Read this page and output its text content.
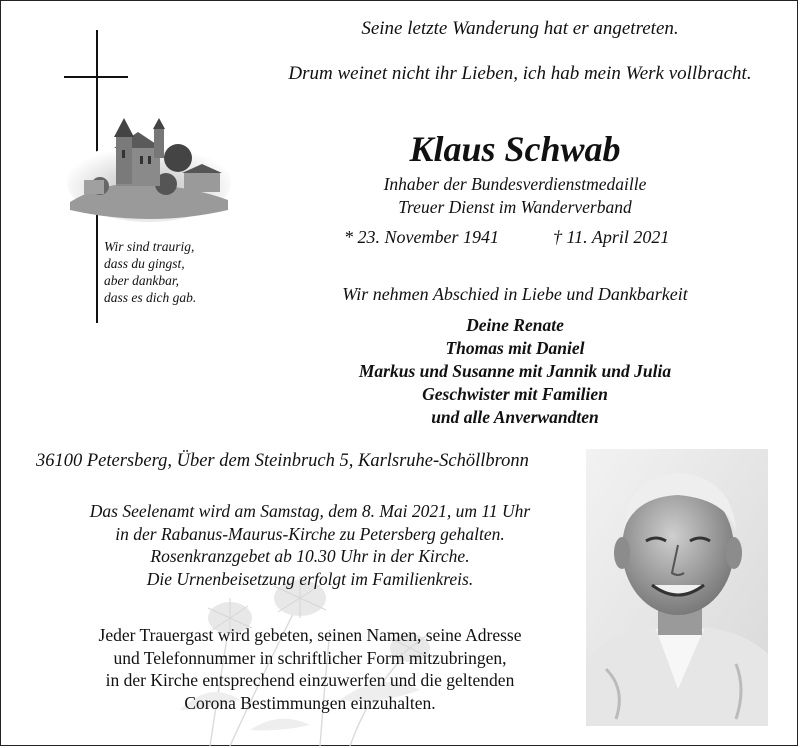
Seine letzte Wanderung hat er angetreten.
Drum weinet nicht ihr Lieben, ich hab mein Werk vollbracht.
Wir sind traurig,
dass du gingst,
aber dankbar,
dass es dich gab.
Klaus Schwab
Inhaber der Bundesverdienstmedaille
Treuer Dienst im Wanderverband
* 23. November 1941	† 11. April 2021
Wir nehmen Abschied in Liebe und Dankbarkeit
Deine Renate
Thomas mit Daniel
Markus und Susanne mit Jannik und Julia
Geschwister mit Familien
und alle Anverwandten
36100 Petersberg, Über dem Steinbruch 5, Karlsruhe-Schöllbronn
Das Seelenamt wird am Samstag, dem 8. Mai 2021, um 11 Uhr
in der Rabanus-Maurus-Kirche zu Petersberg gehalten.
Rosenkranzgebet ab 10.30 Uhr in der Kirche.
Die Urnenbeisetzung erfolgt im Familienkreis.
Jeder Trauergast wird gebeten, seinen Namen, seine Adresse
und Telefonnummer in schriftlicher Form mitzubringen,
in der Kirche entsprechend einzuwerfen und die geltenden
Corona Bestimmungen einzuhalten.
